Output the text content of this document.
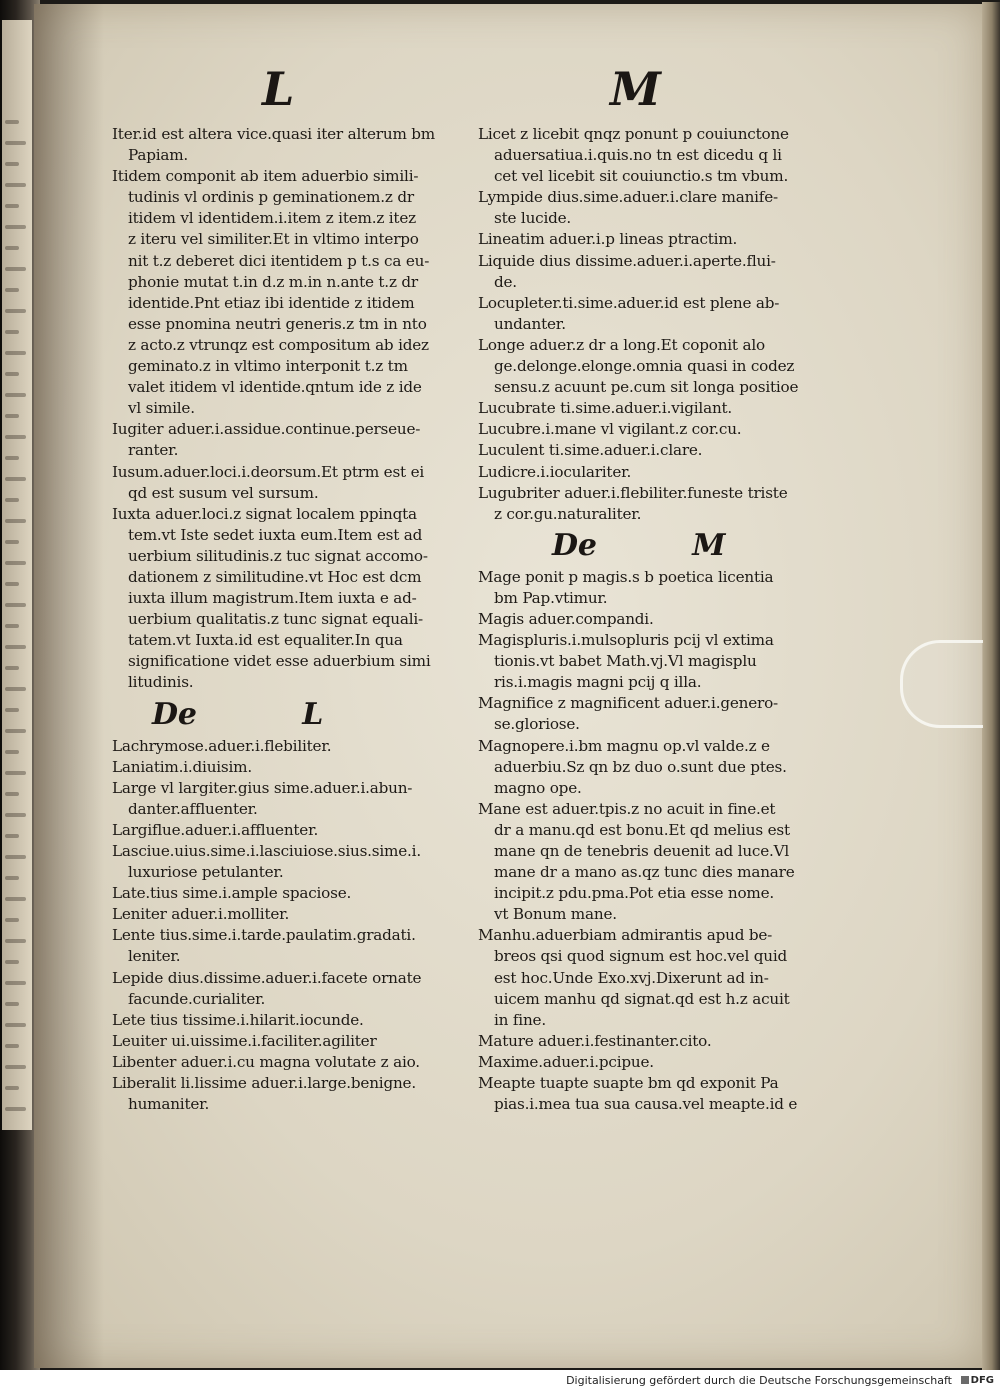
L	M
Iter.id est altera vice.quasi iter alterum bm
Papiam.
Itidem componit ab item aduerbio simili-
tudinis vl ordinis p geminationem.z dr
itidem vl identidem.i.item z item.z itez
z iteru vel similiter.Et in vltimo interpo
nit t.z deberet dici itentidem p t.s ca eu-
phonie mutat t.in d.z m.in n.ante t.z dr
identide.Pnt etiaz ibi identide z itidem
esse pnomina neutri generis.z tm in nto
z acto.z vtrunqz est compositum ab idez
geminato.z in vltimo interponit t.z tm
valet itidem vl identide.qntum ide z ide
vl simile.
Iugiter aduer.i.assidue.continue.perseue-
ranter.
Iusum.aduer.loci.i.deorsum.Et ptrm est ei
qd est susum vel sursum.
Iuxta aduer.loci.z signat localem ppinqta
tem.vt Iste sedet iuxta eum.Item est ad
uerbium silitudinis.z tuc signat accomo-
dationem z similitudine.vt Hoc est dcm
iuxta illum magistrum.Item iuxta e ad-
uerbium qualitatis.z tunc signat equali-
tatem.vt Iuxta.id est equaliter.In qua
significatione videt esse aduerbium simi
litudinis.
De	L
Lachrymose.aduer.i.flebiliter.
Laniatim.i.diuisim.
Large vl largiter.gius sime.aduer.i.abun-
danter.affluenter.
Largiflue.aduer.i.affluenter.
Lasciue.uius.sime.i.lasciuiose.sius.sime.i.
luxuriose petulanter.
Late.tius sime.i.ample spaciose.
Leniter aduer.i.molliter.
Lente tius.sime.i.tarde.paulatim.gradati.
leniter.
Lepide dius.dissime.aduer.i.facete ornate
facunde.curialiter.
Lete tius tissime.i.hilarit.iocunde.
Leuiter ui.uissime.i.faciliter.agiliter
Libenter aduer.i.cu magna volutate z aio.
Liberalit li.lissime aduer.i.large.benigne.
humaniter.
Licet z licebit qnqz ponunt p couiunctone
aduersatiua.i.quis.no tn est dicedu q li
cet vel licebit sit couiunctio.s tm vbum.
Lympide dius.sime.aduer.i.clare manife-
ste lucide.
Lineatim aduer.i.p lineas ptractim.
Liquide dius dissime.aduer.i.aperte.flui-
de.
Locupleter.ti.sime.aduer.id est plene ab-
undanter.
Longe aduer.z dr a long.Et coponit alo
ge.delonge.elonge.omnia quasi in codez
sensu.z acuunt pe.cum sit longa positioe
Lucubrate ti.sime.aduer.i.vigilant.
Lucubre.i.mane vl vigilant.z cor.cu.
Luculent ti.sime.aduer.i.clare.
Ludicre.i.ioculariter.
Lugubriter aduer.i.flebiliter.funeste triste
z cor.gu.naturaliter.
De	M
Mage ponit p magis.s b poetica licentia
bm Pap.vtimur.
Magis aduer.compandi.
Magispluris.i.mulsopluris pcij vl extima
tionis.vt babet Math.vj.Vl magisplu
ris.i.magis magni pcij q illa.
Magnifice z magnificent aduer.i.genero-
se.gloriose.
Magnopere.i.bm magnu op.vl valde.z e
aduerbiu.Sz qn bz duo o.sunt due ptes.
magno ope.
Mane est aduer.tpis.z no acuit in fine.et
dr a manu.qd est bonu.Et qd melius est
mane qn de tenebris deuenit ad luce.Vl
mane dr a mano as.qz tunc dies manare
incipit.z pdu.pma.Pot etia esse nome.
vt Bonum mane.
Manhu.aduerbiam admirantis apud be-
breos qsi quod signum est hoc.vel quid
est hoc.Unde Exo.xvj.Dixerunt ad in-
uicem manhu qd signat.qd est h.z acuit
in fine.
Mature aduer.i.festinanter.cito.
Maxime.aduer.i.pcipue.
Meapte tuapte suapte bm qd exponit Pa
pias.i.mea tua sua causa.vel meapte.id e
Digitalisierung gefördert durch die Deutsche Forschungsgemeinschaft	DFG
